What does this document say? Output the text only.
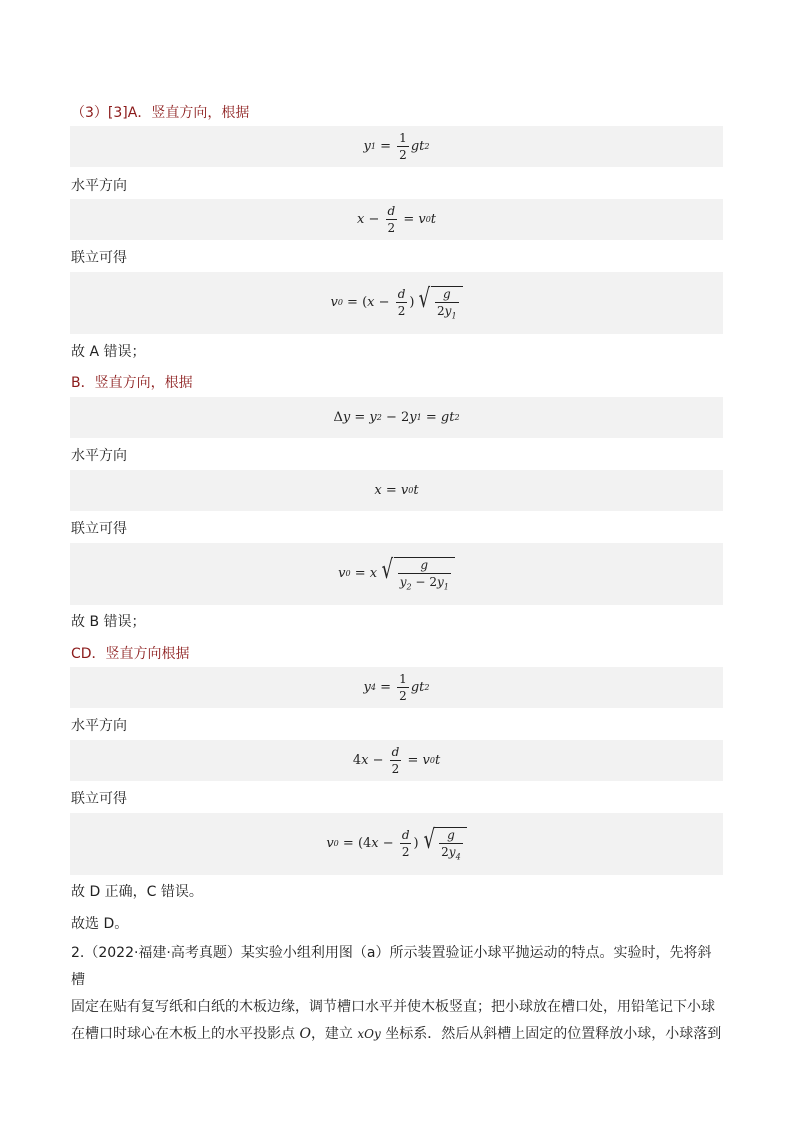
（3）[3]A．竖直方向，根据
y 1
=
$\frac{1}{2}$ gt 2
水平方向
x −
$\frac{d}{2}$
= v 0 t
联立可得
v 0
=
( x −
$\frac{d}{2}$ ) √ $\frac{g}{2y_1}$
故 A 错误；
B．竖直方向，根据
Δ y = y 2
−
2 y 1
= gt 2
水平方向
x = v 0 t
联立可得
v 0
= x √ $\frac{g}{y_2 - 2y_1}$
故 B 错误；
CD．竖直方向根据
y 4
=
$\frac{1}{2}$ gt 2
水平方向
4 x −
$\frac{d}{2}$
= v 0 t
联立可得
v 0
=
(4 x −
$\frac{d}{2}$ ) √ $\frac{g}{2y_4}$
故 D 正确，C 错误。
故选 D。
2.（2022·福建·高考真题）某实验小组利用图（a）所示装置验证小球平抛运动的特点。实验时，先将斜槽
固定在贴有复写纸和白纸的木板边缘，调节槽口水平并使木板竖直；把小球放在槽口处，用铅笔记下小球
在槽口时球心在木板上的水平投影点 O，建立 xOy 坐标系．然后从斜槽上固定的位置释放小球，小球落到
